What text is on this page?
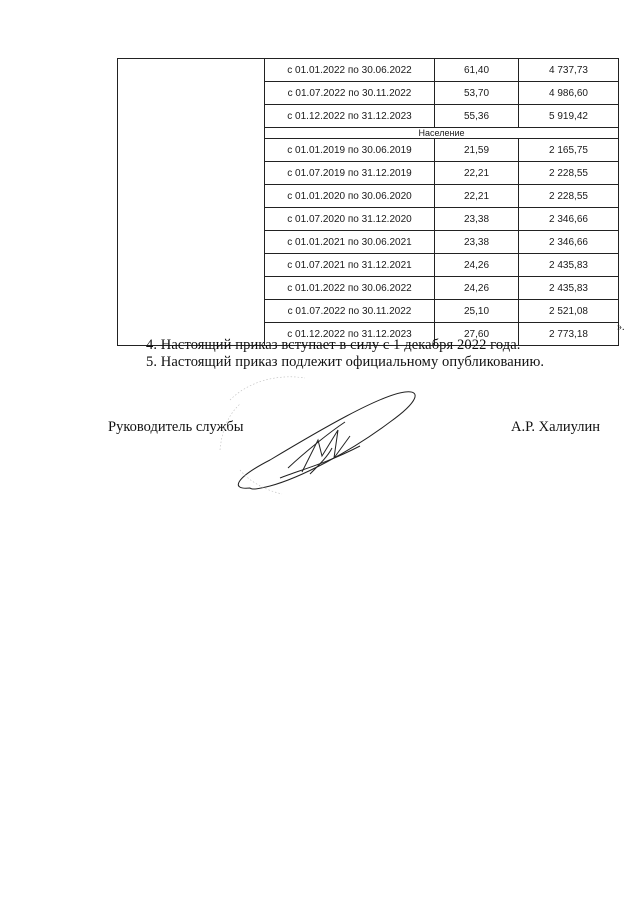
	с 01.01.2022 по 30.06.2022	61,40	4 737,73
	с 01.07.2022 по 30.11.2022	53,70	4 986,60
	с 01.12.2022 по 31.12.2023	55,36	5 919,42
	Население		
	с 01.01.2019 по 30.06.2019	21,59	2 165,75
	с 01.07.2019 по 31.12.2019	22,21	2 228,55
	с 01.01.2020 по 30.06.2020	22,21	2 228,55
	с 01.07.2020 по 31.12.2020	23,38	2 346,66
	с 01.01.2021 по 30.06.2021	23,38	2 346,66
	с 01.07.2021 по 31.12.2021	24,26	2 435,83
	с 01.01.2022 по 30.06.2022	24,26	2 435,83
	с 01.07.2022 по 30.11.2022	25,10	2 521,08
	с 01.12.2022 по 31.12.2023	27,60	2 773,18
».
4. Настоящий приказ вступает в силу с 1 декабря 2022 года.
5. Настоящий приказ подлежит официальному опубликованию.
Руководитель службы	А.Р. Халиулин
